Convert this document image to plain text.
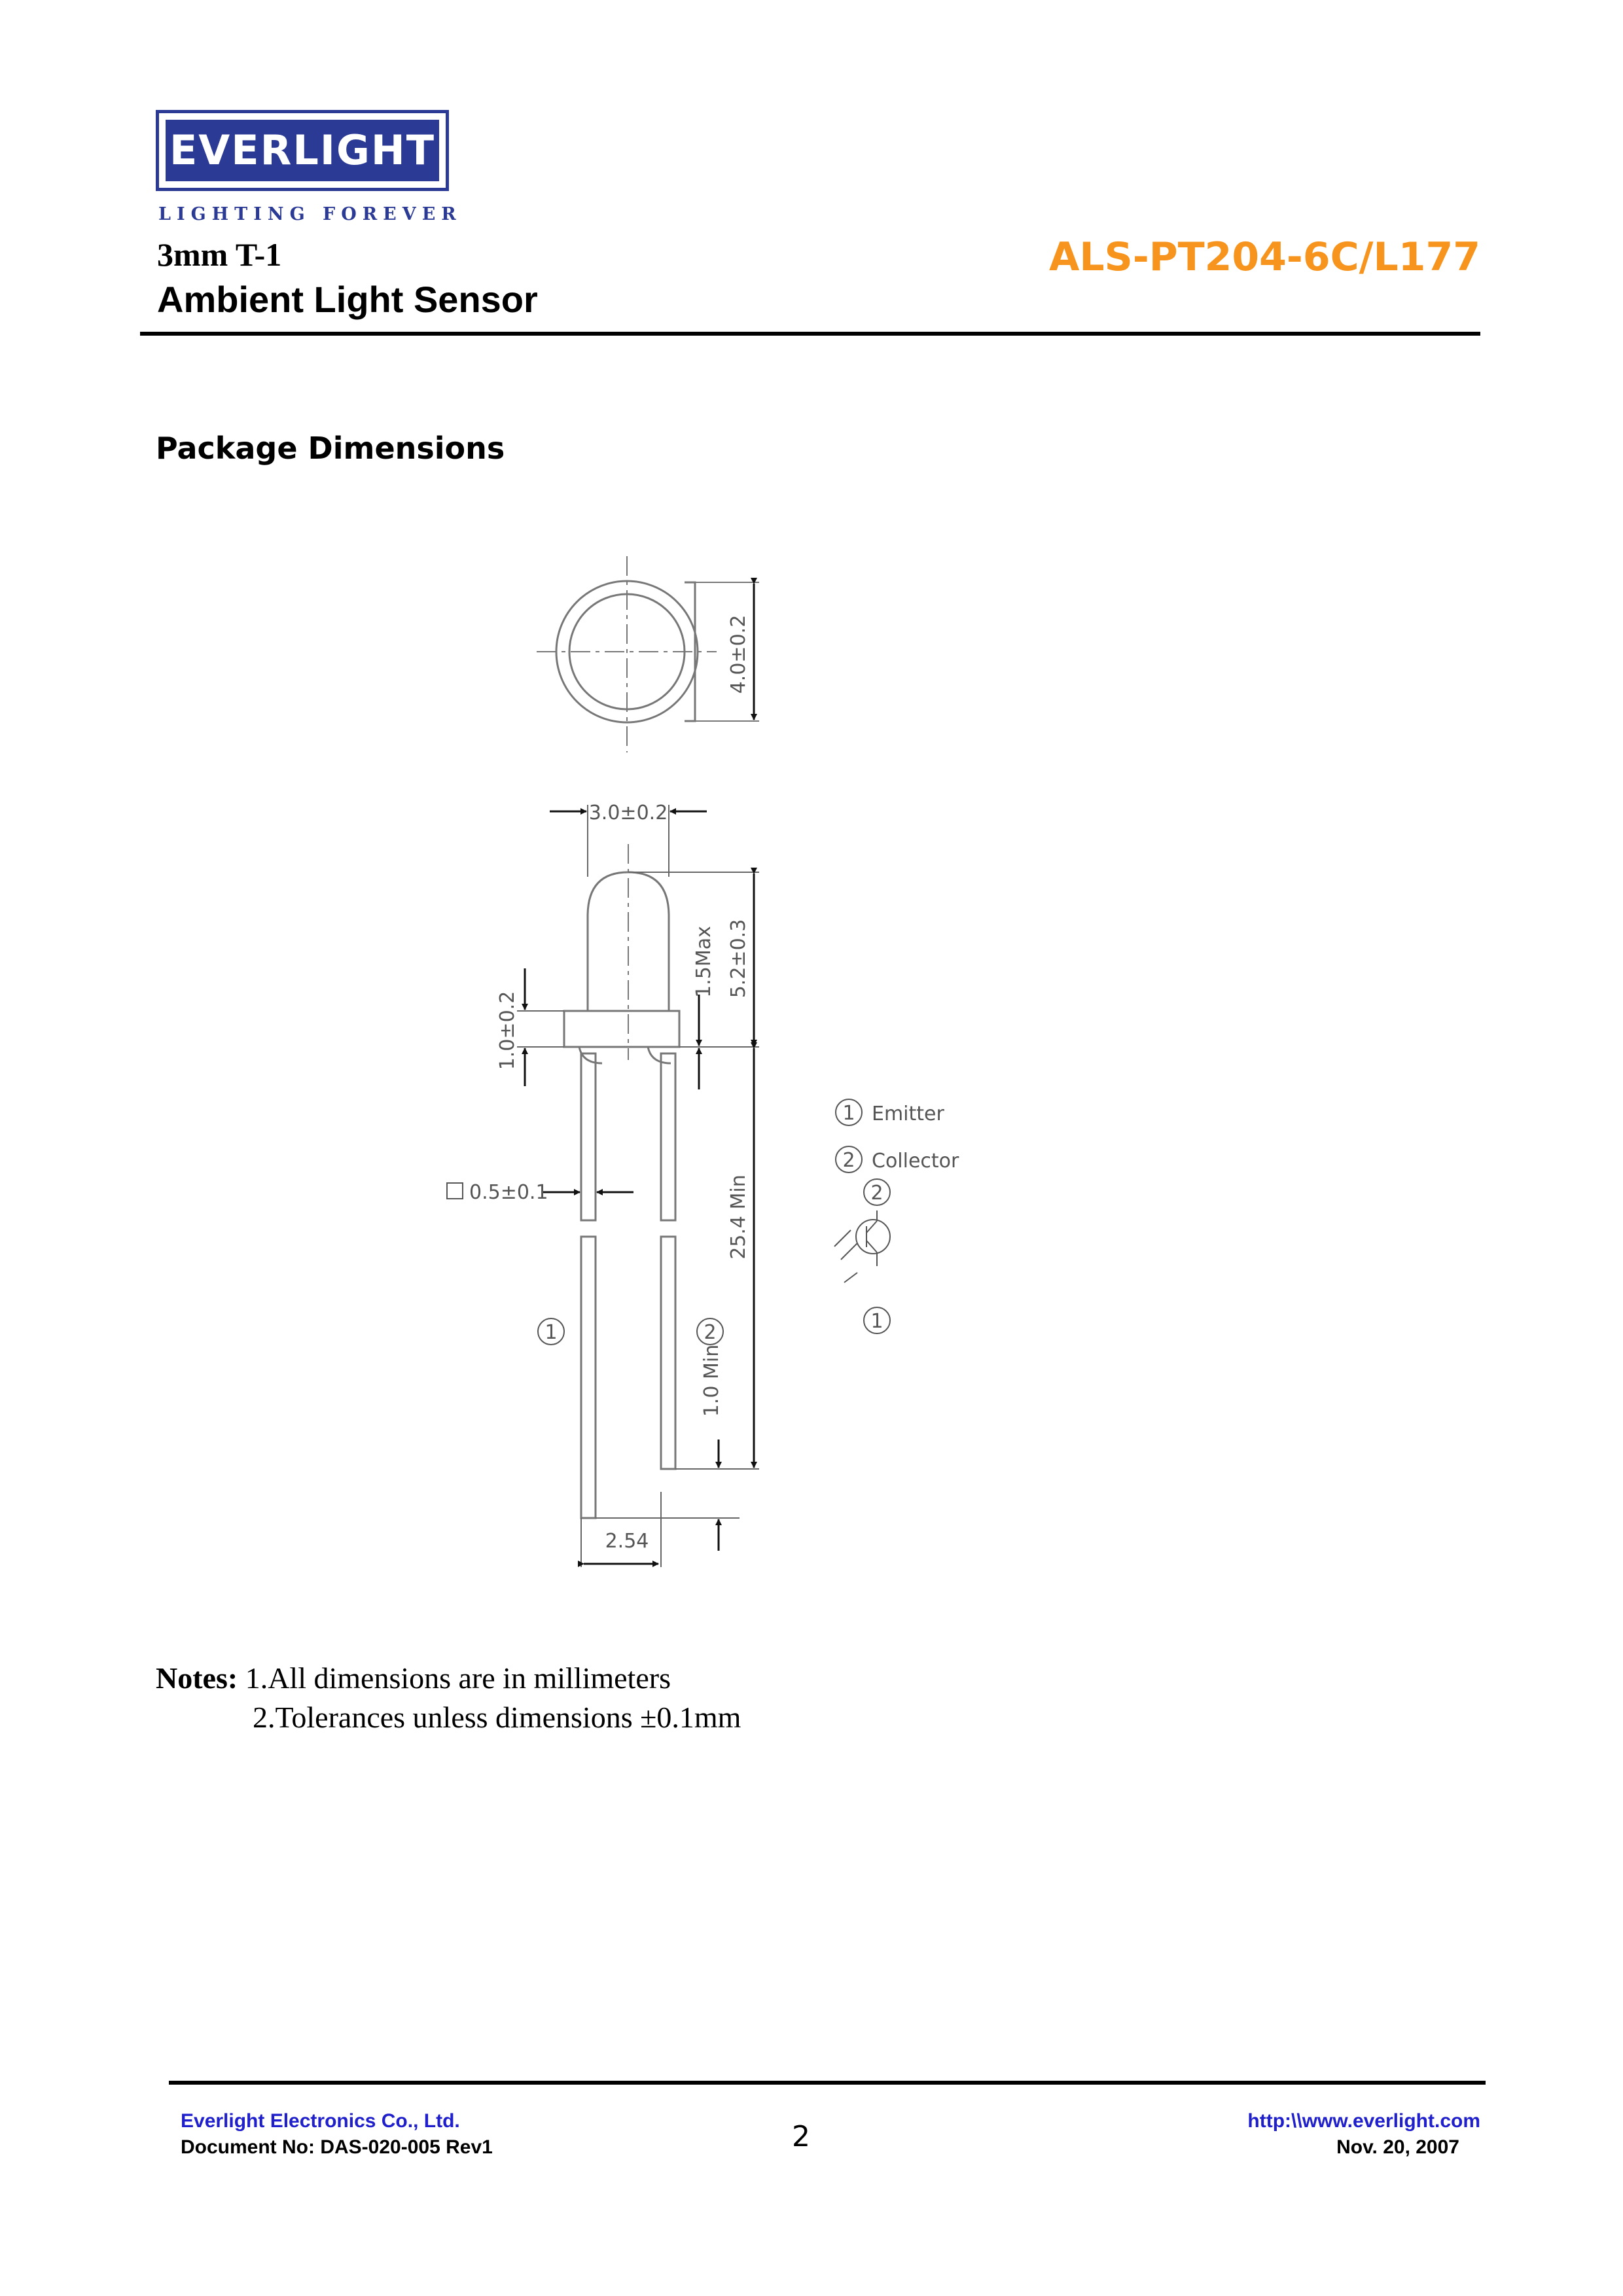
EVERLIGHT
LIGHTING FOREVER
3mm T-1
Ambient Light Sensor
ALS-PT204-6C/L177
Package Dimensions
4.0±0.2
3.0±0.2
5.2±0.3
1.5Max
1.0±0.2
0.5±0.1	25.4 Min
1.0 Min
2.54
1	2
1 Emitter
2 Collector
2
1
Notes: 1.All dimensions are in millimeters
2.Tolerances unless dimensions ±0.1mm
Everlight Electronics Co., Ltd.
Document No: DAS-020-005 Rev1	2	http:\\www.everlight.com
Nov. 20, 2007
